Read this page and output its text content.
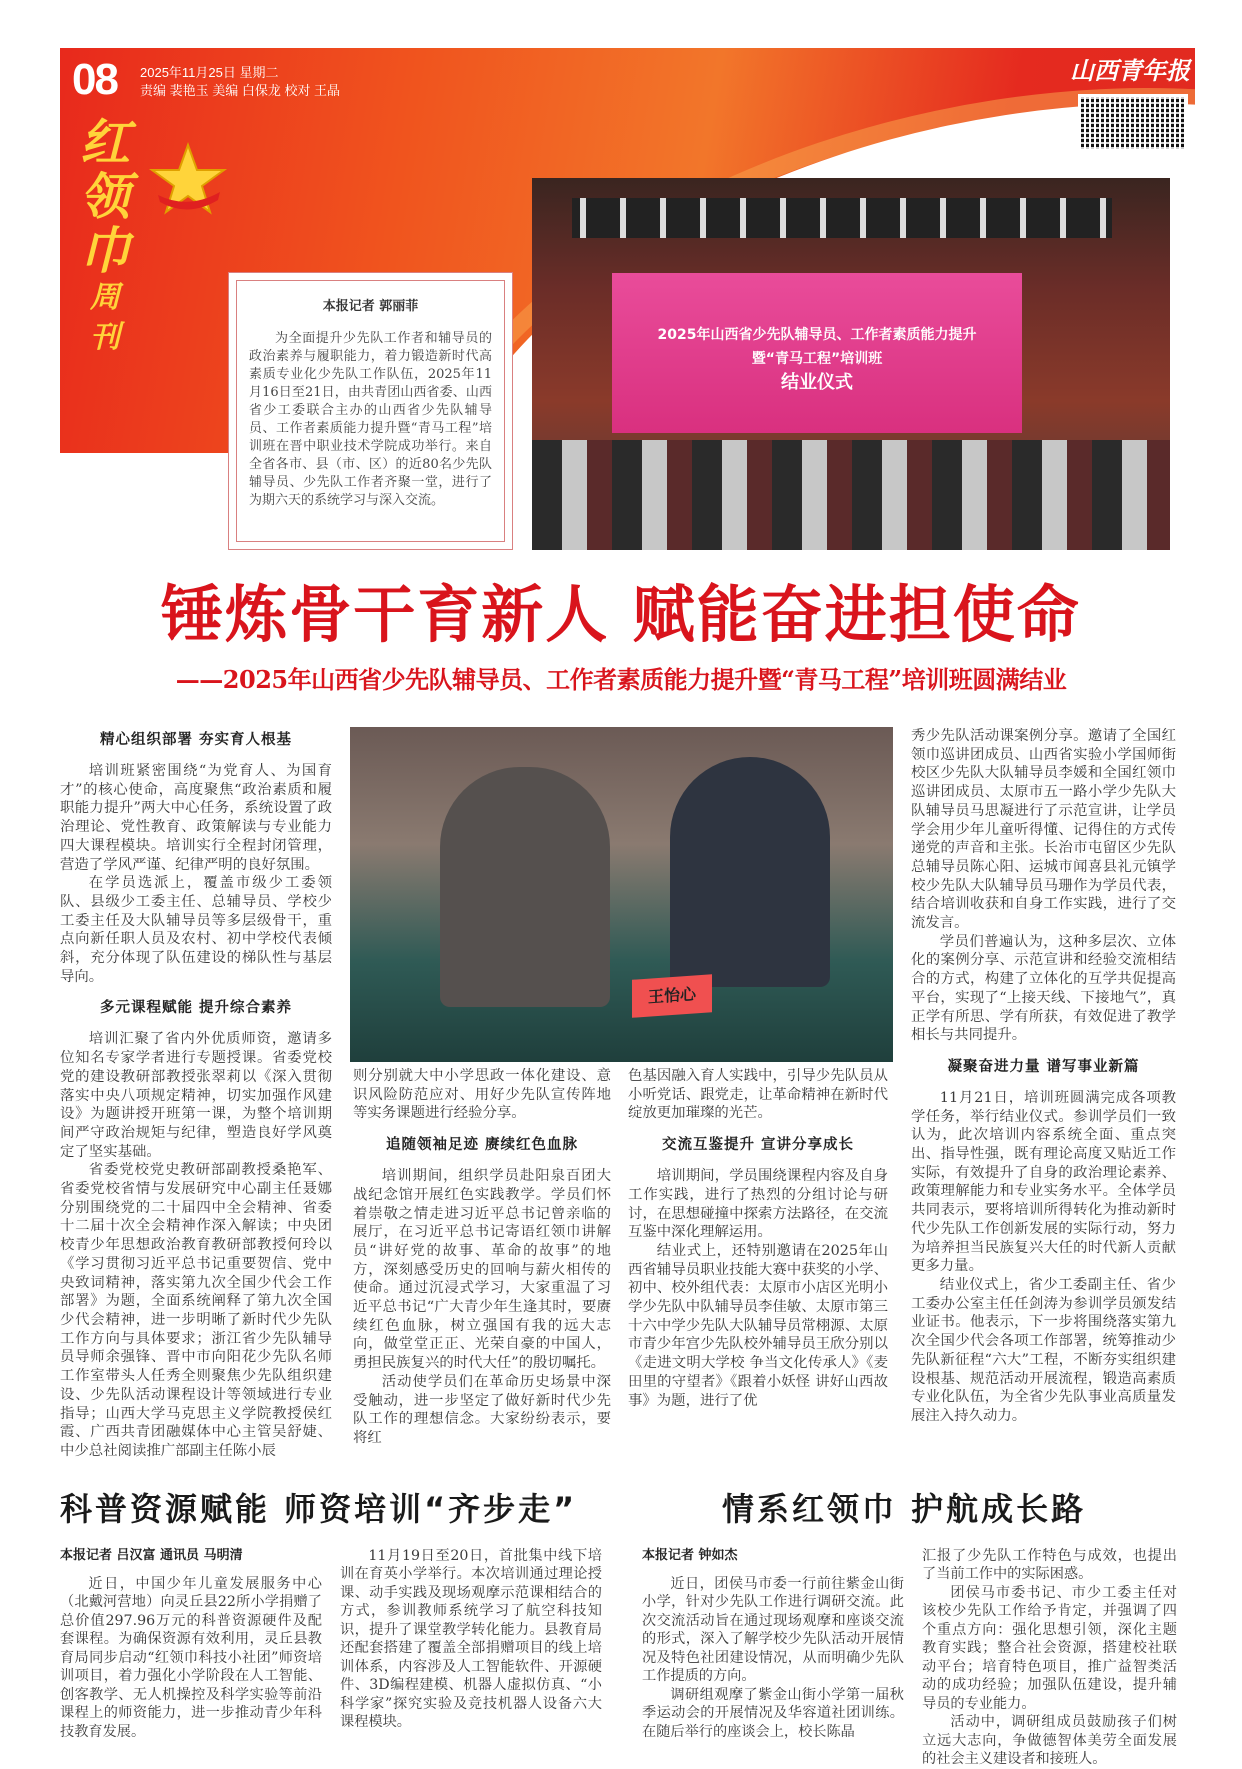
08 2025年11月25日 星期二
责编 裴艳玉 美编 白保龙 校对 王晶
红
领
巾
周
刊
山西青年报
本报记者 郭丽菲

为全面提升少先队工作者和辅导员的政治素养与履职能力，着力锻造新时代高素质专业化少先队工作队伍，2025年11月16日至21日，由共青团山西省委、山西省少工委联合主办的山西省少先队辅导员、工作者素质能力提升暨“青马工程”培训班在晋中职业技术学院成功举行。来自全省各市、县（市、区）的近80名少先队辅导员、少先队工作者齐聚一堂，进行了为期六天的系统学习与深入交流。

2025年山西省少先队辅导员、工作者素质能力提升
暨“青马工程”培训班
结业仪式
锤炼骨干育新人 赋能奋进担使命
——2025年山西省少先队辅导员、工作者素质能力提升暨“青马工程”培训班圆满结业
精心组织部署 夯实育人根基

培训班紧密围绕“为党育人、为国育才”的核心使命，高度聚焦“政治素质和履职能力提升”两大中心任务，系统设置了政治理论、党性教育、政策解读与专业能力四大课程模块。培训实行全程封闭管理，营造了学风严谨、纪律严明的良好氛围。

在学员选派上，覆盖市级少工委领队、县级少工委主任、总辅导员、学校少工委主任及大队辅导员等多层级骨干，重点向新任职人员及农村、初中学校代表倾斜，充分体现了队伍建设的梯队性与基层导向。

多元课程赋能 提升综合素养

培训汇聚了省内外优质师资，邀请多位知名专家学者进行专题授课。省委党校党的建设教研部教授张翠莉以《深入贯彻落实中央八项规定精神，切实加强作风建设》为题讲授开班第一课，为整个培训期间严守政治规矩与纪律，塑造良好学风奠定了坚实基础。

省委党校党史教研部副教授桑艳军、省委党校省情与发展研究中心副主任聂娜分别围绕党的二十届四中全会精神、省委十二届十次全会精神作深入解读；中央团校青少年思想政治教育教研部教授何玲以《学习贯彻习近平总书记重要贺信、党中央致词精神，落实第九次全国少代会工作部署》为题，全面系统阐释了第九次全国少代会精神，进一步明晰了新时代少先队工作方向与具体要求；浙江省少先队辅导员导师余强锋、晋中市向阳花少先队名师工作室带头人任秀全则聚焦少先队组织建设、少先队活动课程设计等领域进行专业指导；山西大学马克思主义学院教授侯红霞、广西共青团融媒体中心主管吴舒婕、中少总社阅读推广部副主任陈小辰

王怡心

则分别就大中小学思政一体化建设、意识风险防范应对、用好少先队宣传阵地等实务课题进行经验分享。

追随领袖足迹 赓续红色血脉

培训期间，组织学员赴阳泉百团大战纪念馆开展红色实践教学。学员们怀着崇敬之情走进习近平总书记曾亲临的展厅，在习近平总书记寄语红领巾讲解员“讲好党的故事、革命的故事”的地方，深刻感受历史的回响与薪火相传的使命。通过沉浸式学习，大家重温了习近平总书记“广大青少年生逢其时，要赓续红色血脉，树立强国有我的远大志向，做堂堂正正、光荣自豪的中国人，勇担民族复兴的时代大任”的殷切嘱托。

活动使学员们在革命历史场景中深受触动，进一步坚定了做好新时代少先队工作的理想信念。大家纷纷表示，要将红

色基因融入育人实践中，引导少先队员从小听党话、跟党走，让革命精神在新时代绽放更加璀璨的光芒。

交流互鉴提升 宣讲分享成长

培训期间，学员围绕课程内容及自身工作实践，进行了热烈的分组讨论与研讨，在思想碰撞中探索方法路径，在交流互鉴中深化理解运用。

结业式上，还特别邀请在2025年山西省辅导员职业技能大赛中获奖的小学、初中、校外组代表：太原市小店区光明小学少先队中队辅导员李佳敏、太原市第三十六中学少先队大队辅导员常栩源、太原市青少年宫少先队校外辅导员王欣分别以《走进文明大学校 争当文化传承人》《麦田里的守望者》《跟着小妖怪 讲好山西故事》为题，进行了优

秀少先队活动课案例分享。邀请了全国红领巾巡讲团成员、山西省实验小学国师街校区少先队大队辅导员李媛和全国红领巾巡讲团成员、太原市五一路小学少先队大队辅导员马思凝进行了示范宣讲，让学员学会用少年儿童听得懂、记得住的方式传递党的声音和主张。长治市屯留区少先队总辅导员陈心阳、运城市闻喜县礼元镇学校少先队大队辅导员马珊作为学员代表，结合培训收获和自身工作实践，进行了交流发言。

学员们普遍认为，这种多层次、立体化的案例分享、示范宣讲和经验交流相结合的方式，构建了立体化的互学共促提高平台，实现了“上接天线、下接地气”，真正学有所思、学有所获，有效促进了教学相长与共同提升。

凝聚奋进力量 谱写事业新篇

11月21日，培训班圆满完成各项教学任务，举行结业仪式。参训学员们一致认为，此次培训内容系统全面、重点突出、指导性强，既有理论高度又贴近工作实际，有效提升了自身的政治理论素养、政策理解能力和专业实务水平。全体学员共同表示，要将培训所得转化为推动新时代少先队工作创新发展的实际行动，努力为培养担当民族复兴大任的时代新人贡献更多力量。

结业仪式上，省少工委副主任、省少工委办公室主任任剑涛为参训学员颁发结业证书。他表示，下一步将围绕落实第九次全国少代会各项工作部署，统筹推动少先队新征程“六大”工程，不断夯实组织建设根基、规范活动开展流程，锻造高素质专业化队伍，为全省少先队事业高质量发展注入持久动力。

科普资源赋能 师资培训“齐步走”
本报记者 吕汉富 通讯员 马明清

近日，中国少年儿童发展服务中心（北戴河营地）向灵丘县22所小学捐赠了总价值297.96万元的科普资源硬件及配套课程。为确保资源有效利用，灵丘县教育局同步启动“红领巾科技小社团”师资培训项目，着力强化小学阶段在人工智能、创客教学、无人机操控及科学实验等前沿课程上的师资能力，进一步推动青少年科技教育发展。

11月19日至20日，首批集中线下培训在育英小学举行。本次培训通过理论授课、动手实践及现场观摩示范课相结合的方式，参训教师系统学习了航空科技知识，提升了课堂教学转化能力。县教育局还配套搭建了覆盖全部捐赠项目的线上培训体系，内容涉及人工智能软件、开源硬件、3D编程建模、机器人虚拟仿真、“小科学家”探究实验及竞技机器人设备六大课程模块。

情系红领巾 护航成长路
本报记者 钟如杰

近日，团侯马市委一行前往紫金山街小学，针对少先队工作进行调研交流。此次交流活动旨在通过现场观摩和座谈交流的形式，深入了解学校少先队活动开展情况及特色社团建设情况，从而明确少先队工作提质的方向。

调研组观摩了紫金山街小学第一届秋季运动会的开展情况及华容道社团训练。在随后举行的座谈会上，校长陈晶

汇报了少先队工作特色与成效，也提出了当前工作中的实际困惑。

团侯马市委书记、市少工委主任对该校少先队工作给予肯定，并强调了四个重点方向：强化思想引领，深化主题教育实践；整合社会资源，搭建校社联动平台；培育特色项目，推广益智类活动的成功经验；加强队伍建设，提升辅导员的专业能力。

活动中，调研组成员鼓励孩子们树立远大志向，争做德智体美劳全面发展的社会主义建设者和接班人。
